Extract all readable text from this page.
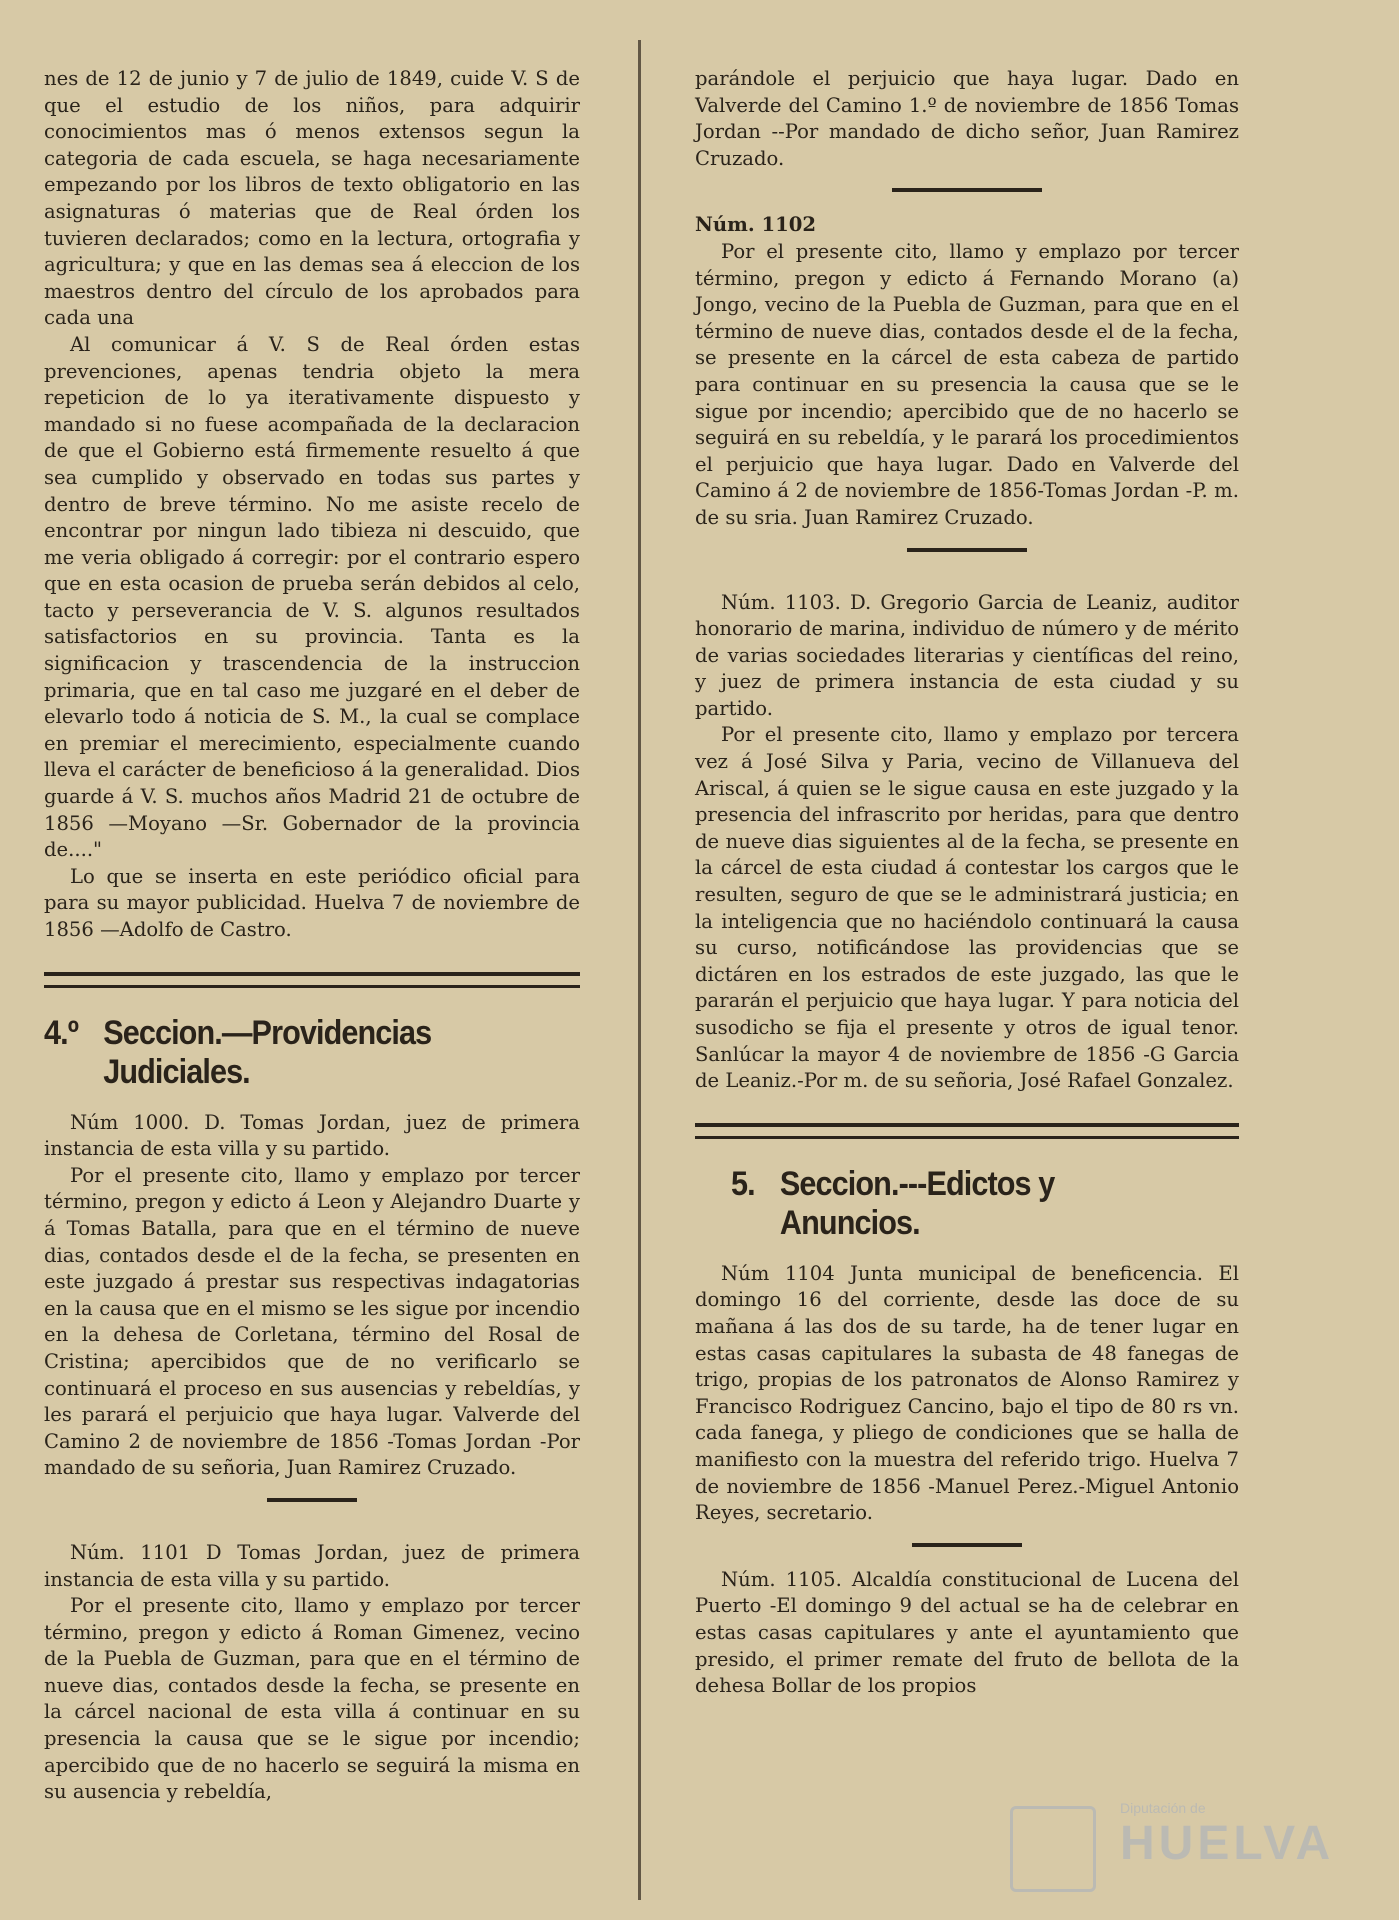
nes de 12 de junio y 7 de julio de 1849, cuide V. S de que el estudio de los niños, para adquirir conocimientos mas ó menos extensos segun la categoria de cada escuela, se haga necesariamente empezando por los libros de texto obligatorio en las asignaturas ó materias que de Real órden los tuvieren declarados; como en la lectura, ortografia y agricultura; y que en las demas sea á eleccion de los maestros dentro del círculo de los aprobados para cada una

Al comunicar á V. S de Real órden estas prevenciones, apenas tendria objeto la mera repeticion de lo ya iterativamente dispuesto y mandado si no fuese acompañada de la declaracion de que el Gobierno está firmemente resuelto á que sea cumplido y observado en todas sus partes y dentro de breve término. No me asiste recelo de encontrar por ningun lado tibieza ni descuido, que me veria obligado á corregir: por el contrario espero que en esta ocasion de prueba serán debidos al celo, tacto y perseverancia de V. S. algunos resultados satisfactorios en su provincia. Tanta es la significacion y trascendencia de la instruccion primaria, que en tal caso me juzgaré en el deber de elevarlo todo á noticia de S. M., la cual se complace en premiar el merecimiento, especialmente cuando lleva el carácter de beneficioso á la generalidad. Dios guarde á V. S. muchos años Madrid 21 de octubre de 1856 —Moyano —Sr. Gobernador de la provincia de...."

Lo que se inserta en este periódico oficial para para su mayor publicidad. Huelva 7 de noviembre de 1856 —Adolfo de Castro.

4.º Seccion.—Providencias Judiciales.

Núm 1000. D. Tomas Jordan, juez de primera instancia de esta villa y su partido.

Por el presente cito, llamo y emplazo por tercer término, pregon y edicto á Leon y Alejandro Duarte y á Tomas Batalla, para que en el término de nueve dias, contados desde el de la fecha, se presenten en este juzgado á prestar sus respectivas indagatorias en la causa que en el mismo se les sigue por incendio en la dehesa de Corletana, término del Rosal de Cristina; apercibidos que de no verificarlo se continuará el proceso en sus ausencias y rebeldías, y les parará el perjuicio que haya lugar. Valverde del Camino 2 de noviembre de 1856 -Tomas Jordan -Por mandado de su señoria, Juan Ramirez Cruzado.

Núm. 1101 D Tomas Jordan, juez de primera instancia de esta villa y su partido.

Por el presente cito, llamo y emplazo por tercer término, pregon y edicto á Roman Gimenez, vecino de la Puebla de Guzman, para que en el término de nueve dias, contados desde la fecha, se presente en la cárcel nacional de esta villa á continuar en su presencia la causa que se le sigue por incendio; apercibido que de no hacerlo se seguirá la misma en su ausencia y rebeldía,

parándole el perjuicio que haya lugar. Dado en Valverde del Camino 1.º de noviembre de 1856 Tomas Jordan --Por mandado de dicho señor, Juan Ramirez Cruzado.

Núm. 1102

Por el presente cito, llamo y emplazo por tercer término, pregon y edicto á Fernando Morano (a) Jongo, vecino de la Puebla de Guzman, para que en el término de nueve dias, contados desde el de la fecha, se presente en la cárcel de esta cabeza de partido para continuar en su presencia la causa que se le sigue por incendio; apercibido que de no hacerlo se seguirá en su rebeldía, y le parará los procedimientos el perjuicio que haya lugar. Dado en Valverde del Camino á 2 de noviembre de 1856-Tomas Jordan -P. m. de su sria. Juan Ramirez Cruzado.

Núm. 1103. D. Gregorio Garcia de Leaniz, auditor honorario de marina, individuo de número y de mérito de varias sociedades literarias y científicas del reino, y juez de primera instancia de esta ciudad y su partido.

Por el presente cito, llamo y emplazo por tercera vez á José Silva y Paria, vecino de Villanueva del Ariscal, á quien se le sigue causa en este juzgado y la presencia del infrascrito por heridas, para que dentro de nueve dias siguientes al de la fecha, se presente en la cárcel de esta ciudad á contestar los cargos que le resulten, seguro de que se le administrará justicia; en la inteligencia que no haciéndolo continuará la causa su curso, notificándose las providencias que se dictáren en los estrados de este juzgado, las que le pararán el perjuicio que haya lugar. Y para noticia del susodicho se fija el presente y otros de igual tenor. Sanlúcar la mayor 4 de noviembre de 1856 -G Garcia de Leaniz.-Por m. de su señoria, José Rafael Gonzalez.

5. Seccion.---Edictos y Anuncios.

Núm 1104 Junta municipal de beneficencia. El domingo 16 del corriente, desde las doce de su mañana á las dos de su tarde, ha de tener lugar en estas casas capitulares la subasta de 48 fanegas de trigo, propias de los patronatos de Alonso Ramirez y Francisco Rodriguez Cancino, bajo el tipo de 80 rs vn. cada fanega, y pliego de condiciones que se halla de manifiesto con la muestra del referido trigo. Huelva 7 de noviembre de 1856 -Manuel Perez.-Miguel Antonio Reyes, secretario.

Núm. 1105. Alcaldía constitucional de Lucena del Puerto -El domingo 9 del actual se ha de celebrar en estas casas capitulares y ante el ayuntamiento que presido, el primer remate del fruto de bellota de la dehesa Bollar de los propios

Diputación de
HUELVA
